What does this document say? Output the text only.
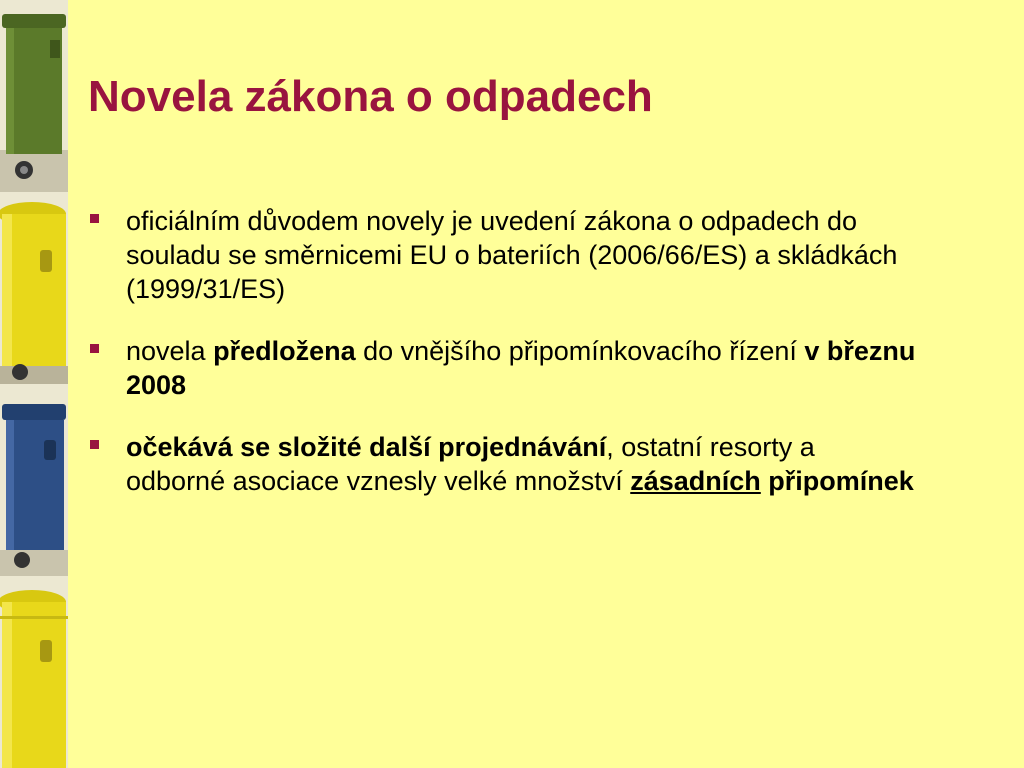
Novela zákona o odpadech
oficiálním důvodem novely je uvedení zákona o odpadech do souladu se směrnicemi EU o bateriích (2006/66/ES) a skládkách (1999/31/ES)
novela předložena do vnějšího připomínkovacího řízení v březnu 2008
očekává se složité další projednávání, ostatní resorty a odborné asociace vznesly velké množství zásadních připomínek
